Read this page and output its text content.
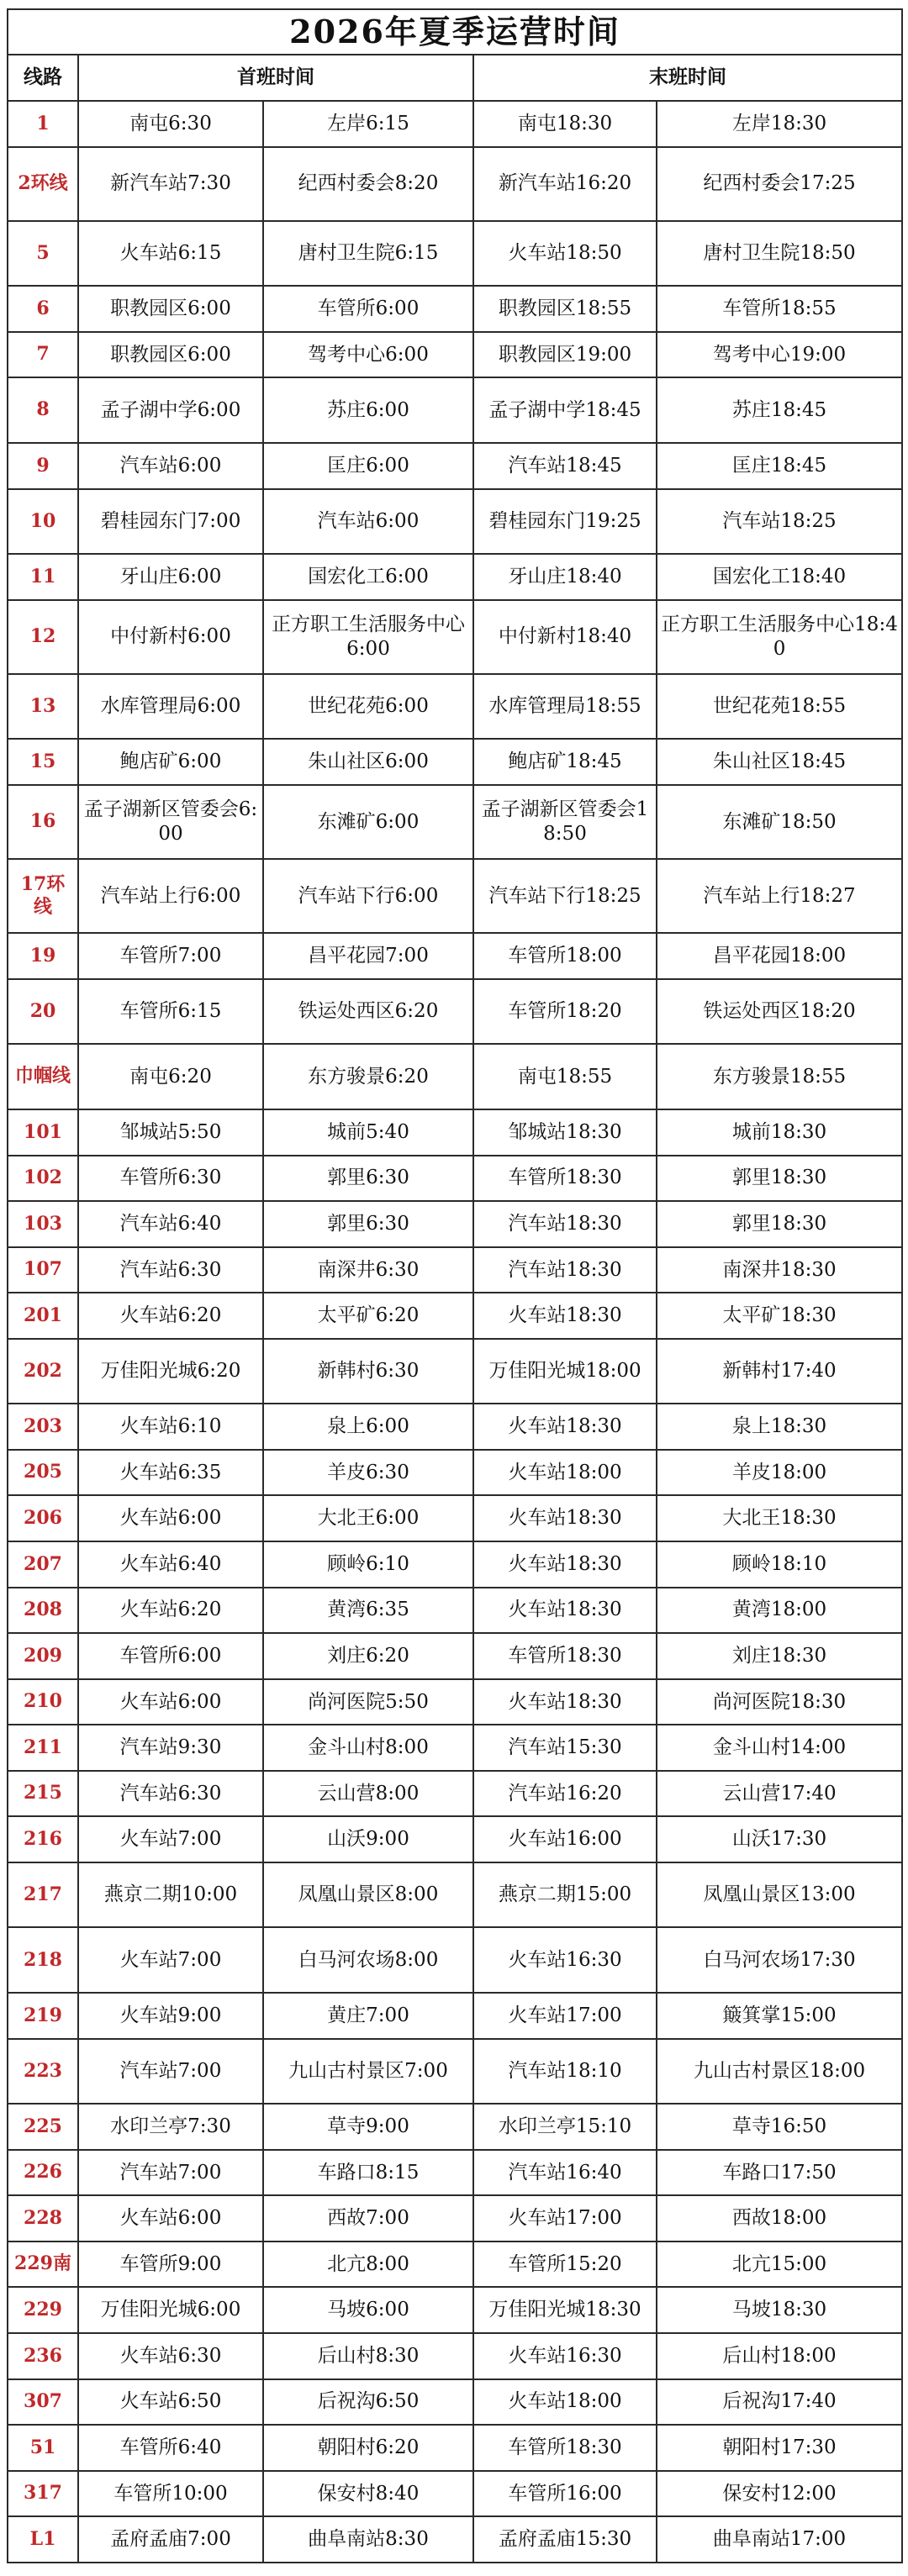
2026年夏季运营时间				
线路	首班时间		末班时间	
1	南屯6:30	左岸6:15	南屯18:30	左岸18:30
2环线	新汽车站7:30	纪西村委会8:20	新汽车站16:20	纪西村委会17:25
5	火车站6:15	唐村卫生院6:15	火车站18:50	唐村卫生院18:50
6	职教园区6:00	车管所6:00	职教园区18:55	车管所18:55
7	职教园区6:00	驾考中心6:00	职教园区19:00	驾考中心19:00
8	孟子湖中学6:00	苏庄6:00	孟子湖中学18:45	苏庄18:45
9	汽车站6:00	匡庄6:00	汽车站18:45	匡庄18:45
10	碧桂园东门7:00	汽车站6:00	碧桂园东门19:25	汽车站18:25
11	牙山庄6:00	国宏化工6:00	牙山庄18:40	国宏化工18:40
12	中付新村6:00	正方职工生活服务中心6:00	中付新村18:40	正方职工生活服务中心18:40
13	水库管理局6:00	世纪花苑6:00	水库管理局18:55	世纪花苑18:55
15	鲍店矿6:00	朱山社区6:00	鲍店矿18:45	朱山社区18:45
16	孟子湖新区管委会6:00	东滩矿6:00	孟子湖新区管委会18:50	东滩矿18:50
17环线	汽车站上行6:00	汽车站下行6:00	汽车站下行18:25	汽车站上行18:27
19	车管所7:00	昌平花园7:00	车管所18:00	昌平花园18:00
20	车管所6:15	铁运处西区6:20	车管所18:20	铁运处西区18:20
巾帼线	南屯6:20	东方骏景6:20	南屯18:55	东方骏景18:55
101	邹城站5:50	城前5:40	邹城站18:30	城前18:30
102	车管所6:30	郭里6:30	车管所18:30	郭里18:30
103	汽车站6:40	郭里6:30	汽车站18:30	郭里18:30
107	汽车站6:30	南深井6:30	汽车站18:30	南深井18:30
201	火车站6:20	太平矿6:20	火车站18:30	太平矿18:30
202	万佳阳光城6:20	新韩村6:30	万佳阳光城18:00	新韩村17:40
203	火车站6:10	泉上6:00	火车站18:30	泉上18:30
205	火车站6:35	羊皮6:30	火车站18:00	羊皮18:00
206	火车站6:00	大北王6:00	火车站18:30	大北王18:30
207	火车站6:40	顾岭6:10	火车站18:30	顾岭18:10
208	火车站6:20	黄湾6:35	火车站18:30	黄湾18:00
209	车管所6:00	刘庄6:20	车管所18:30	刘庄18:30
210	火车站6:00	尚河医院5:50	火车站18:30	尚河医院18:30
211	汽车站9:30	金斗山村8:00	汽车站15:30	金斗山村14:00
215	汽车站6:30	云山营8:00	汽车站16:20	云山营17:40
216	火车站7:00	山沃9:00	火车站16:00	山沃17:30
217	燕京二期10:00	凤凰山景区8:00	燕京二期15:00	凤凰山景区13:00
218	火车站7:00	白马河农场8:00	火车站16:30	白马河农场17:30
219	火车站9:00	黄庄7:00	火车站17:00	簸箕掌15:00
223	汽车站7:00	九山古村景区7:00	汽车站18:10	九山古村景区18:00
225	水印兰亭7:30	草寺9:00	水印兰亭15:10	草寺16:50
226	汽车站7:00	车路口8:15	汽车站16:40	车路口17:50
228	火车站6:00	西故7:00	火车站17:00	西故18:00
229南	车管所9:00	北亢8:00	车管所15:20	北亢15:00
229	万佳阳光城6:00	马坡6:00	万佳阳光城18:30	马坡18:30
236	火车站6:30	后山村8:30	火车站16:30	后山村18:00
307	火车站6:50	后祝沟6:50	火车站18:00	后祝沟17:40
51	车管所6:40	朝阳村6:20	车管所18:30	朝阳村17:30
317	车管所10:00	保安村8:40	车管所16:00	保安村12:00
L1	孟府孟庙7:00	曲阜南站8:30	孟府孟庙15:30	曲阜南站17:00
